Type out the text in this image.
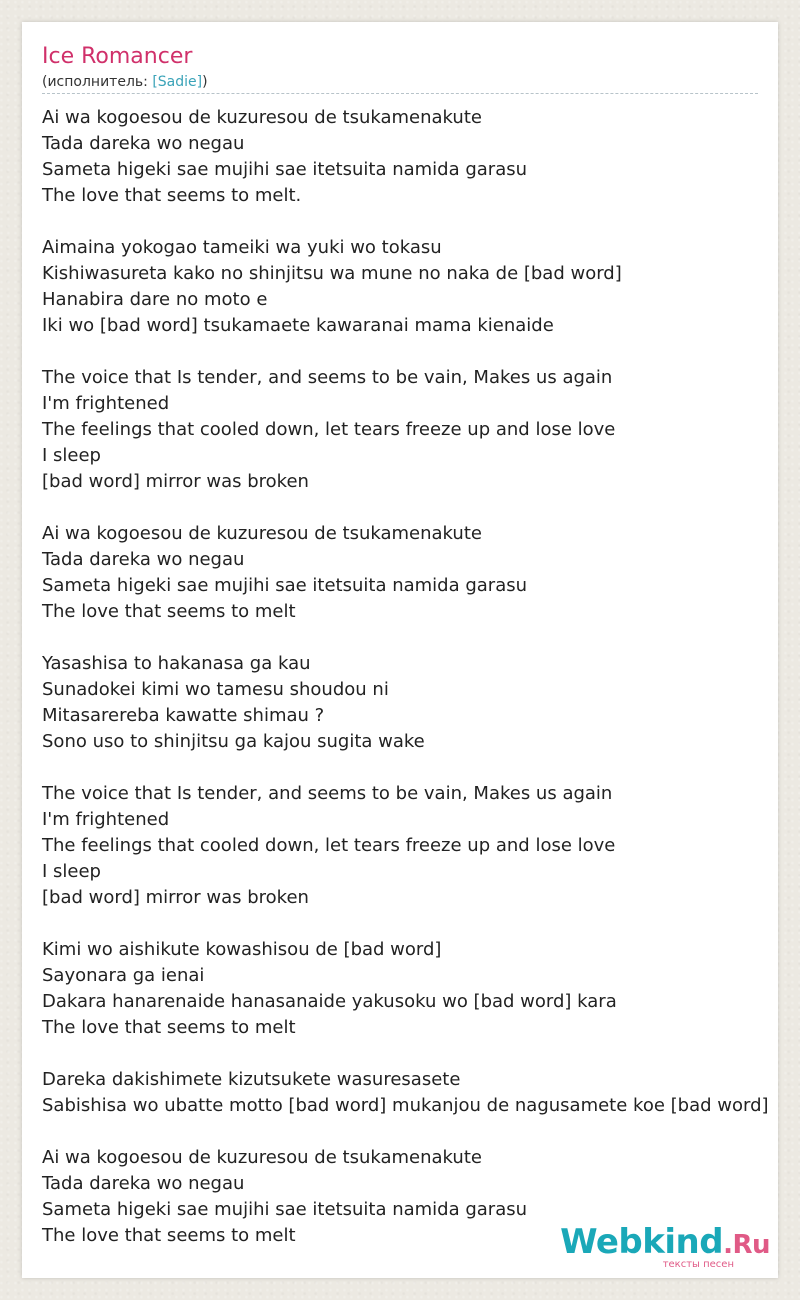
Ice Romancer
(исполнитель: [Sadie])
Ai wa kogoesou de kuzuresou de tsukamenakute
Tada dareka wo negau
Sameta higeki sae mujihi sae itetsuita namida garasu
The love that seems to melt.
Aimaina yokogao tameiki wa yuki wo tokasu
Kishiwasureta kako no shinjitsu wa mune no naka de [bad word]
Hanabira dare no moto e
Iki wo [bad word] tsukamaete kawaranai mama kienaide
The voice that Is tender, and seems to be vain, Makes us again
I'm frightened
The feelings that cooled down, let tears freeze up and lose love
I sleep
[bad word] mirror was broken
Ai wa kogoesou de kuzuresou de tsukamenakute
Tada dareka wo negau
Sameta higeki sae mujihi sae itetsuita namida garasu
The love that seems to melt
Yasashisa to hakanasa ga kau
Sunadokei kimi wo tamesu shoudou ni
Mitasarereba kawatte shimau ?
Sono uso to shinjitsu ga kajou sugita wake
The voice that Is tender, and seems to be vain, Makes us again
I'm frightened
The feelings that cooled down, let tears freeze up and lose love
I sleep
[bad word] mirror was broken
Kimi wo aishikute kowashisou de [bad word]
Sayonara ga ienai
Dakara hanarenaide hanasanaide yakusoku wo [bad word] kara
The love that seems to melt
Dareka dakishimete kizutsukete wasuresasete
Sabishisa wo ubatte motto [bad word] mukanjou de nagusamete koe [bad word]
Ai wa kogoesou de kuzuresou de tsukamenakute
Tada dareka wo negau
Sameta higeki sae mujihi sae itetsuita namida garasu
The love that seems to melt	Webkind.Ru
тексты песен
